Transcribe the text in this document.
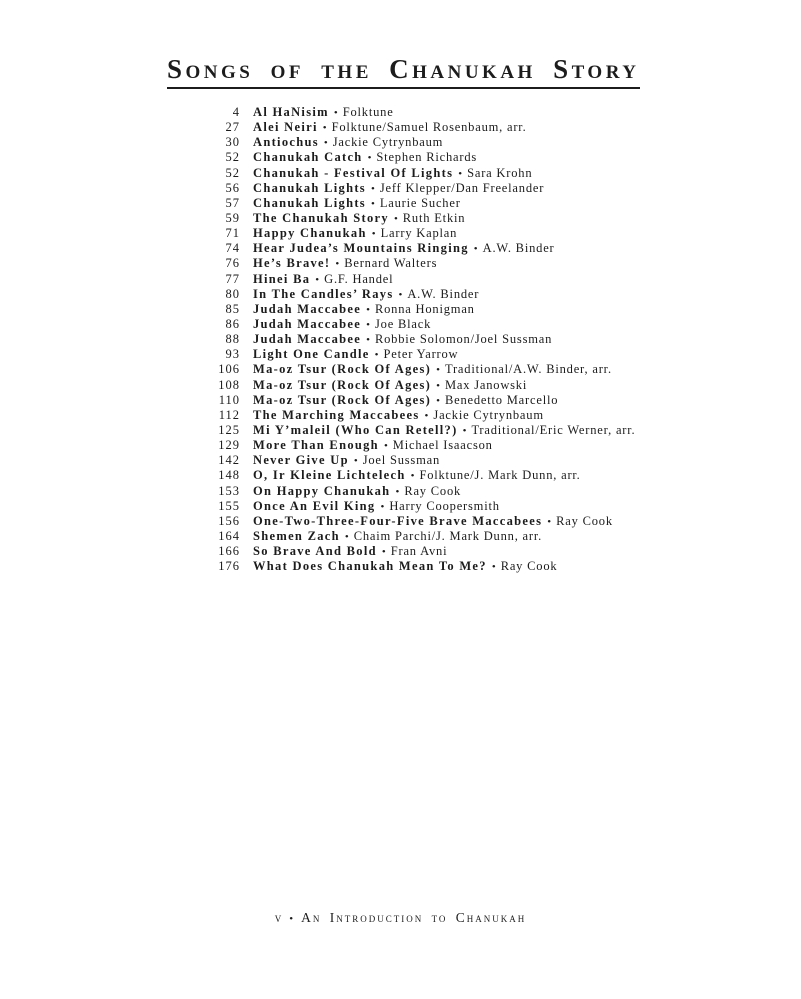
Songs of the Chanukah Story
4 Al HaNisim • Folktune
27 Alei Neiri • Folktune/Samuel Rosenbaum, arr.
30 Antiochus • Jackie Cytrynbaum
52 Chanukah Catch • Stephen Richards
52 Chanukah - Festival Of Lights • Sara Krohn
56 Chanukah Lights • Jeff Klepper/Dan Freelander
57 Chanukah Lights • Laurie Sucher
59 The Chanukah Story • Ruth Etkin
71 Happy Chanukah • Larry Kaplan
74 Hear Judea’s Mountains Ringing • A.W. Binder
76 He’s Brave! • Bernard Walters
77 Hinei Ba • G.F. Handel
80 In The Candles’ Rays • A.W. Binder
85 Judah Maccabee • Ronna Honigman
86 Judah Maccabee • Joe Black
88 Judah Maccabee • Robbie Solomon/Joel Sussman
93 Light One Candle • Peter Yarrow
106 Ma-oz Tsur (Rock Of Ages) • Traditional/A.W. Binder, arr.
108 Ma-oz Tsur (Rock Of Ages) • Max Janowski
110 Ma-oz Tsur (Rock Of Ages) • Benedetto Marcello
112 The Marching Maccabees • Jackie Cytrynbaum
125 Mi Y’maleil (Who Can Retell?) • Traditional/Eric Werner, arr.
129 More Than Enough • Michael Isaacson
142 Never Give Up • Joel Sussman
148 O, Ir Kleine Lichtelech • Folktune/J. Mark Dunn, arr.
153 On Happy Chanukah • Ray Cook
155 Once An Evil King • Harry Coopersmith
156 One-Two-Three-Four-Five Brave Maccabees • Ray Cook
164 Shemen Zach • Chaim Parchi/J. Mark Dunn, arr.
166 So Brave And Bold • Fran Avni
176 What Does Chanukah Mean To Me? • Ray Cook
v • An Introduction to Chanukah
